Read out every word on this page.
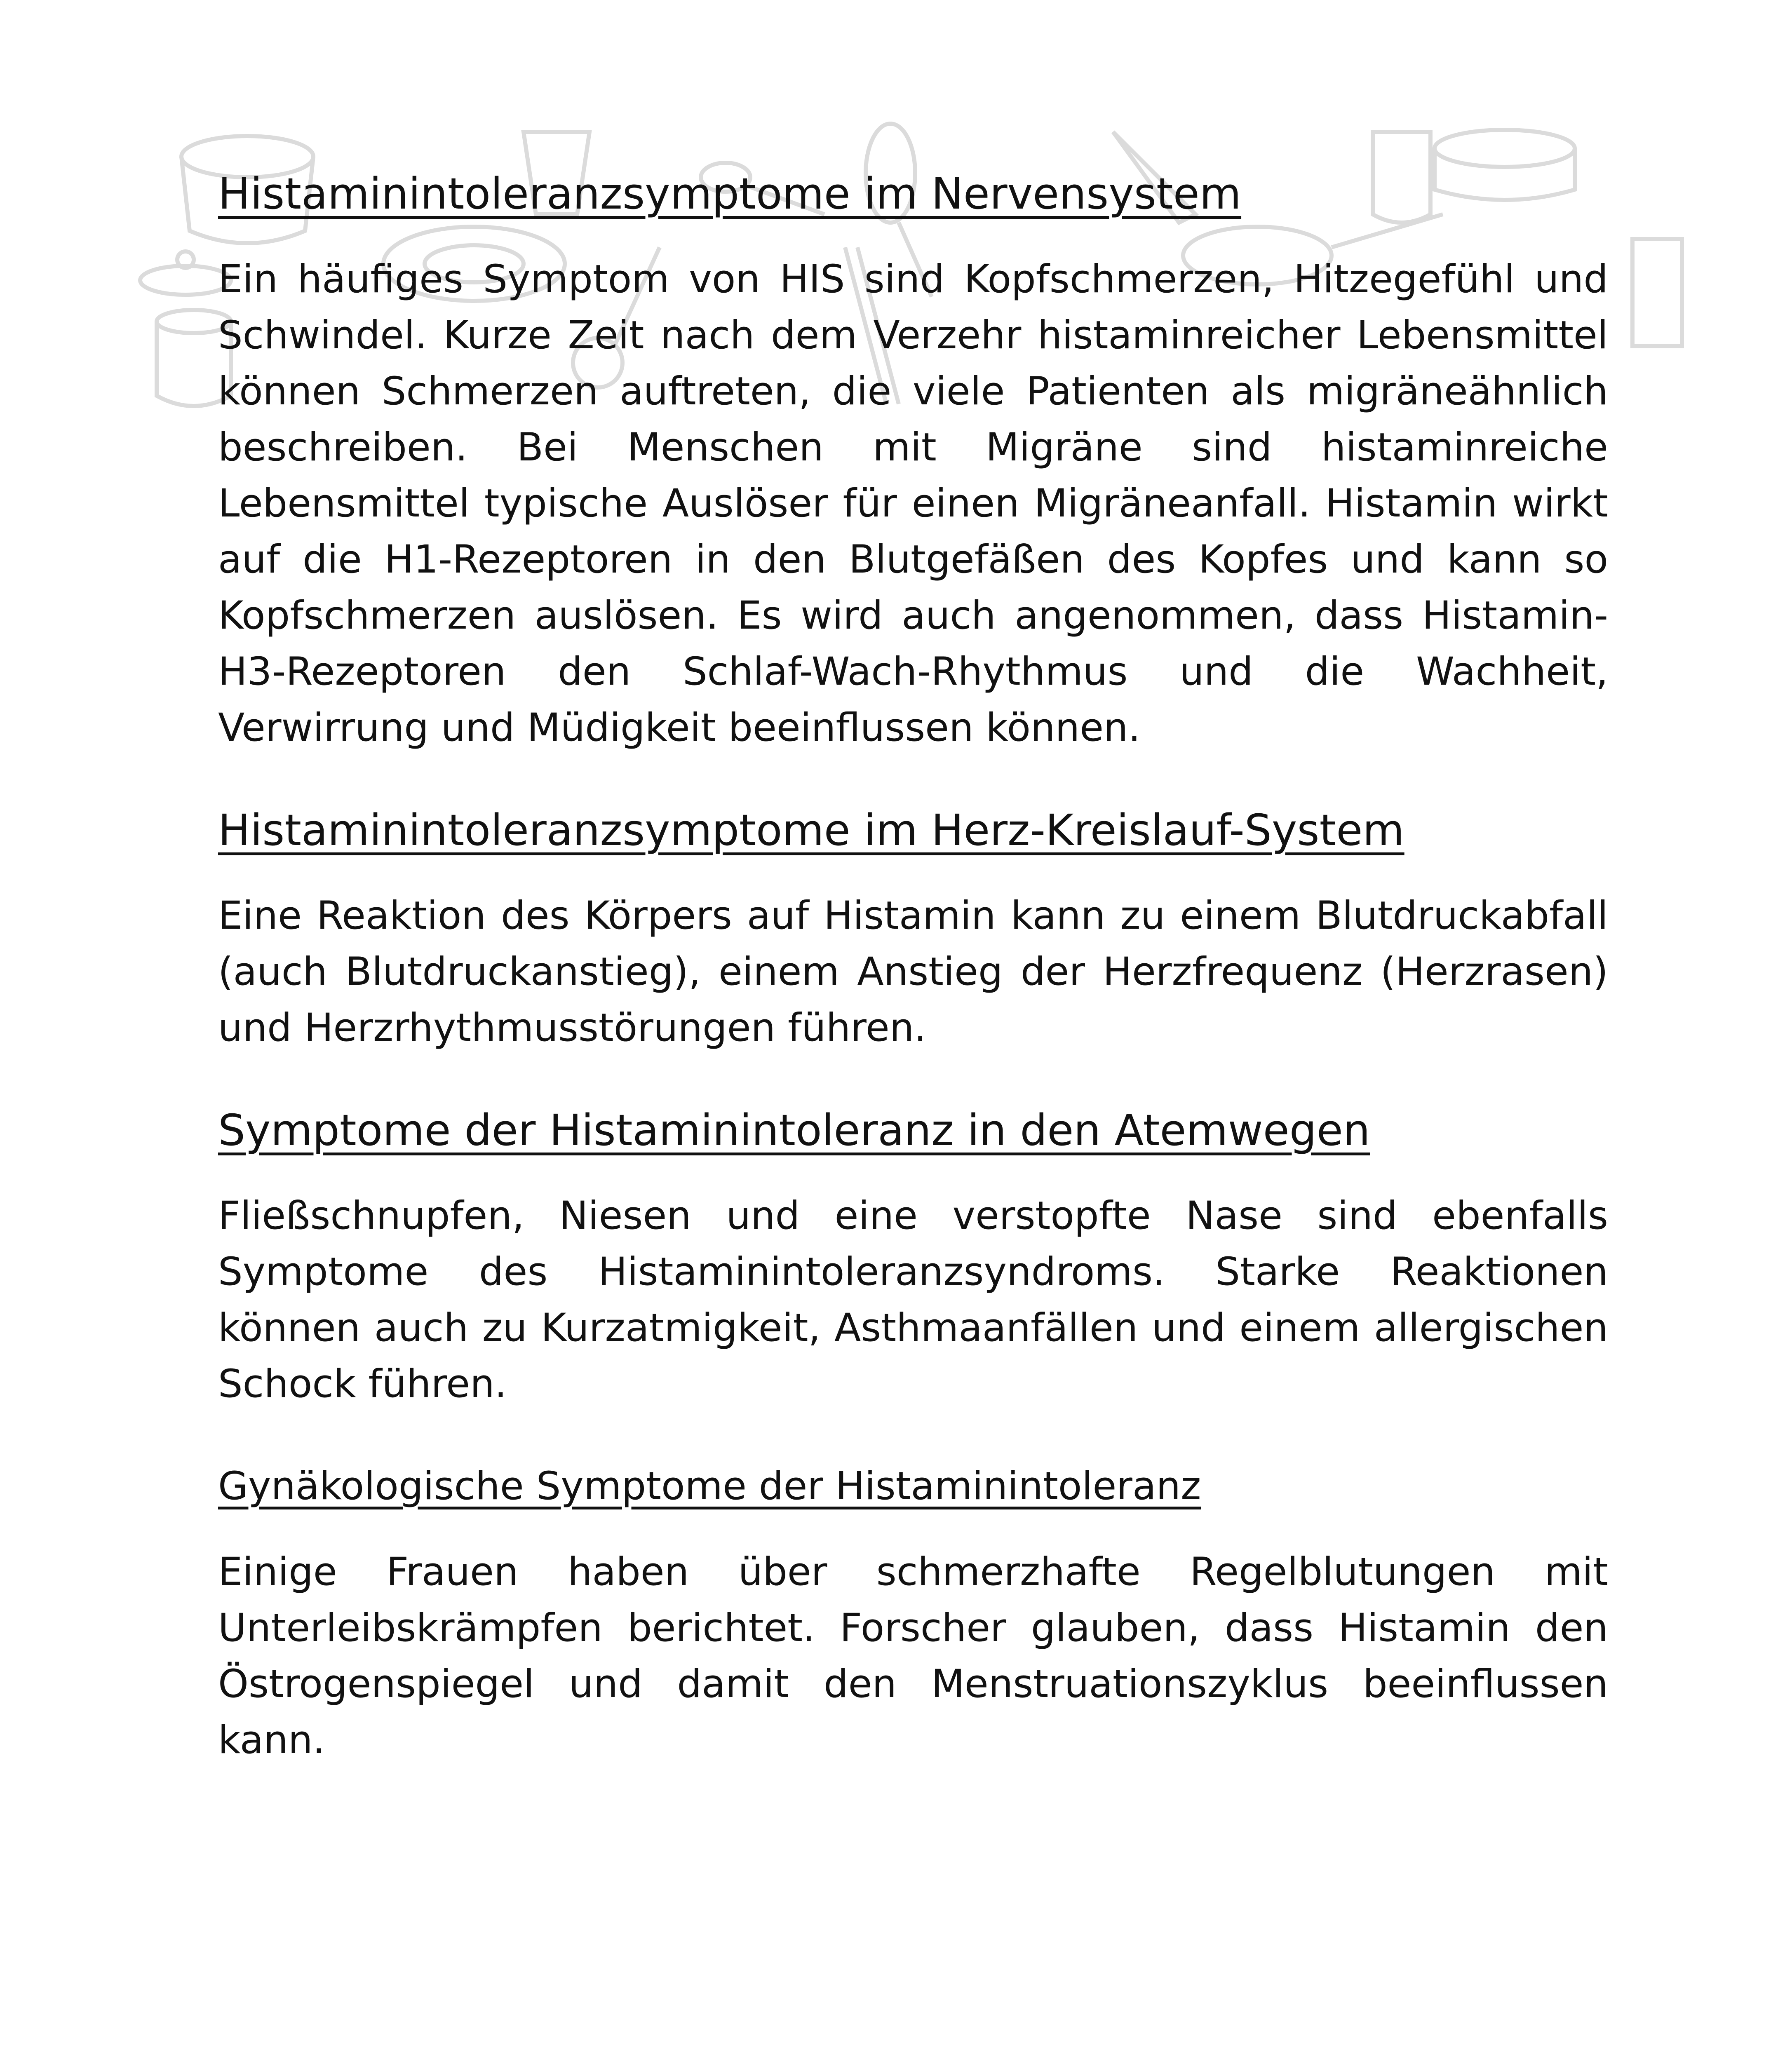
Histaminintoleranzsymptome im Nervensystem

Ein häufiges Symptom von HIS sind Kopfschmerzen, Hitzegefühl und Schwindel. Kurze Zeit nach dem Verzehr histaminreicher Lebensmittel können Schmerzen auftreten, die viele Patienten als migräneähnlich beschreiben. Bei Menschen mit Migräne sind histaminreiche Lebensmittel typische Auslöser für einen Migräneanfall. Histamin wirkt auf die H1-Rezeptoren in den Blutgefäßen des Kopfes und kann so Kopfschmerzen auslösen. Es wird auch angenommen, dass Histamin-H3-Rezeptoren den Schlaf-Wach-Rhythmus und die Wachheit, Verwirrung und Müdigkeit beeinflussen können.

Histaminintoleranzsymptome im Herz-Kreislauf-System

Eine Reaktion des Körpers auf Histamin kann zu einem Blutdruckabfall (auch Blutdruckanstieg), einem Anstieg der Herzfrequenz (Herzrasen) und Herzrhythmusstörungen führen.

Symptome der Histaminintoleranz in den Atemwegen

Fließschnupfen, Niesen und eine verstopfte Nase sind ebenfalls Symptome des Histaminintoleranzsyndroms. Starke Reaktionen können auch zu Kurzatmigkeit, Asthmaanfällen und einem allergischen Schock führen.

Gynäkologische Symptome der Histaminintoleranz

Einige Frauen haben über schmerzhafte Regelblutungen mit Unterleibskrämpfen berichtet. Forscher glauben, dass Histamin den Östrogenspiegel und damit den Menstruationszyklus beeinflussen kann.
